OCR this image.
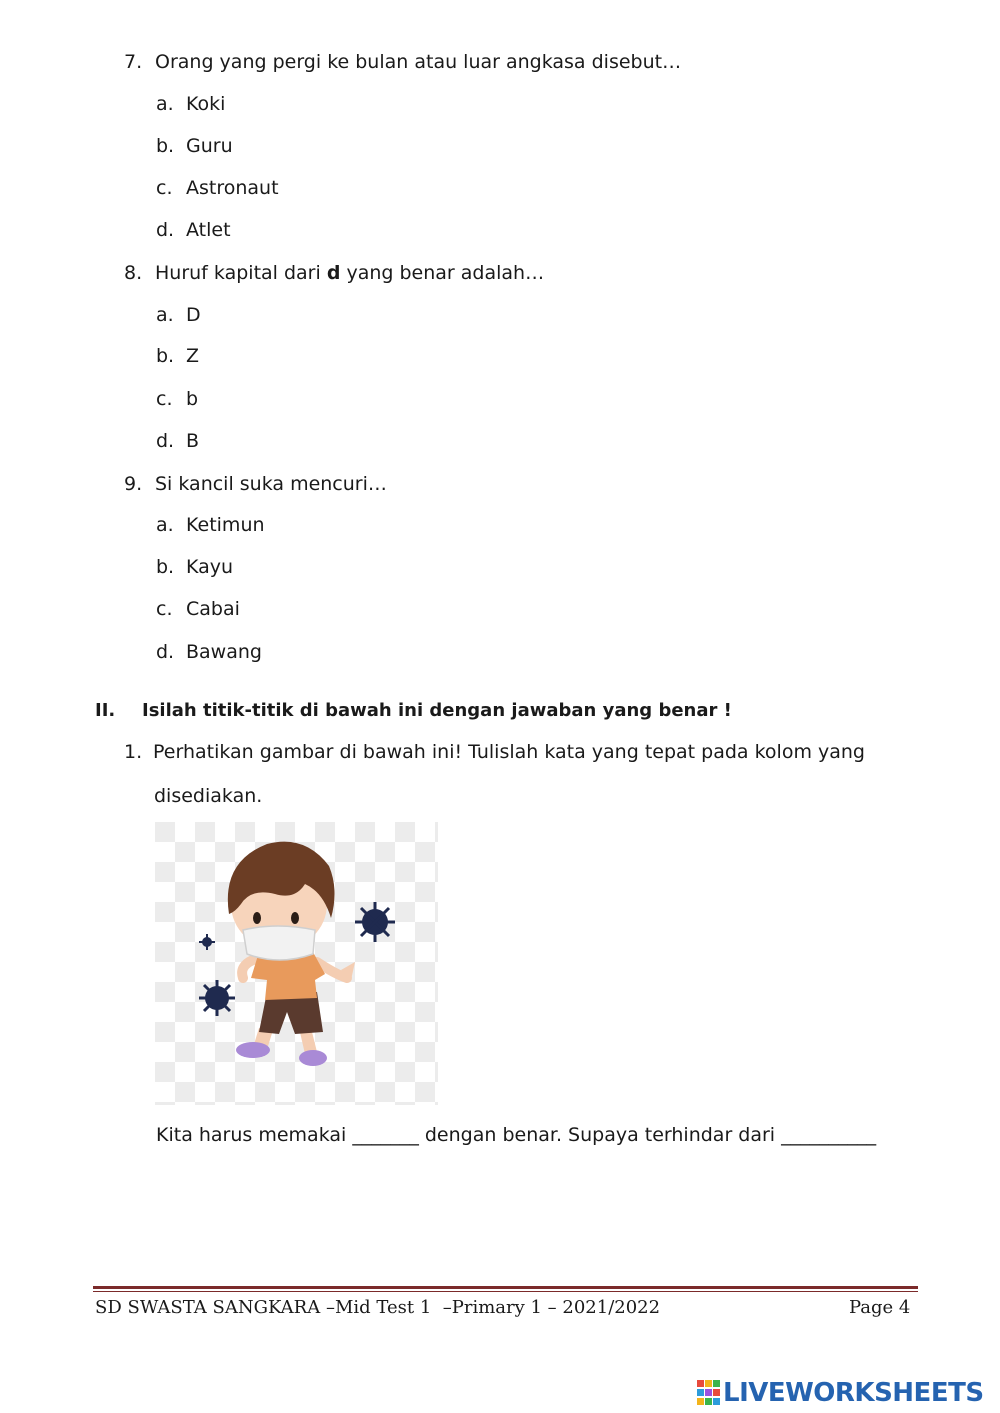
7. Orang yang pergi ke bulan atau luar angkasa disebut…
a. Koki
b. Guru
c. Astronaut
d. Atlet
8. Huruf kapital dari d yang benar adalah…
a. D
b. Z
c. b
d. B
9. Si kancil suka mencuri…
a. Ketimun
b. Kayu
c. Cabai
d. Bawang
II. Isilah titik-titik di bawah ini dengan jawaban yang benar !
1. Perhatikan gambar di bawah ini! Tulislah kata yang tepat pada kolom yang
disediakan.
Kita harus memakai _______ dengan benar. Supaya terhindar dari __________
SD SWASTA SANGKARA –Mid Test 1  –Primary 1 – 2021/2022	Page 4
LIVEWORKSHEETS
